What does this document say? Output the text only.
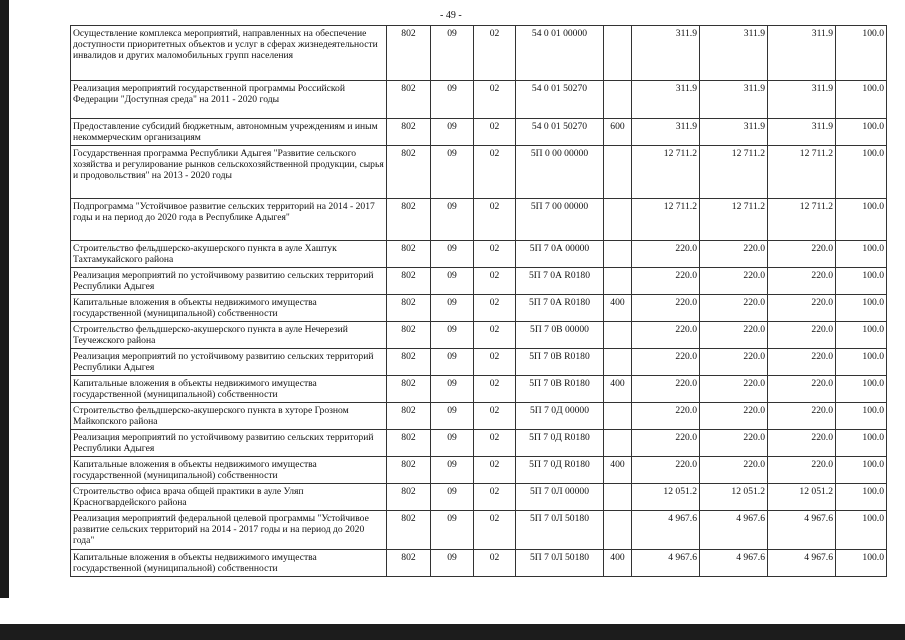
- 49 -
Осуществление комплекса мероприятий, направленных на обеспечение доступности приоритетных объектов и услуг в сферах жизнедеятельности инвалидов и других маломобильных групп населения	802	09	02	54 0 01 00000		311.9	311.9	311.9	100.0
Реализация мероприятий государственной программы Российской Федерации "Доступная среда" на 2011 - 2020 годы	802	09	02	54 0 01 50270		311.9	311.9	311.9	100.0
Предоставление субсидий бюджетным, автономным учреждениям и иным некоммерческим организациям	802	09	02	54 0 01 50270	600	311.9	311.9	311.9	100.0
Государственная программа Республики Адыгея "Развитие сельского хозяйства и регулирование рынков сельскохозяйственной продукции, сырья и продовольствия" на 2013 - 2020 годы	802	09	02	5П 0 00 00000		12 711.2	12 711.2	12 711.2	100.0
Подпрограмма "Устойчивое развитие сельских территорий на 2014 - 2017 годы и на период до 2020 года в Республике Адыгея"	802	09	02	5П 7 00 00000		12 711.2	12 711.2	12 711.2	100.0
Строительство фельдшерско-акушерского пункта в ауле Хаштук Тахтамукайского района	802	09	02	5П 7 0А 00000		220.0	220.0	220.0	100.0
Реализация мероприятий по устойчивому развитию сельских территорий Республики Адыгея	802	09	02	5П 7 0А R0180		220.0	220.0	220.0	100.0
Капитальные вложения в объекты недвижимого имущества государственной (муниципальной) собственности	802	09	02	5П 7 0А R0180	400	220.0	220.0	220.0	100.0
Строительство фельдшерско-акушерского пункта в ауле Нечерезий Теучежского района	802	09	02	5П 7 0В 00000		220.0	220.0	220.0	100.0
Реализация мероприятий по устойчивому развитию сельских территорий Республики Адыгея	802	09	02	5П 7 0В R0180		220.0	220.0	220.0	100.0
Капитальные вложения в объекты недвижимого имущества государственной (муниципальной) собственности	802	09	02	5П 7 0В R0180	400	220.0	220.0	220.0	100.0
Строительство фельдшерско-акушерского пункта в хуторе Грозном Майкопского района	802	09	02	5П 7 0Д 00000		220.0	220.0	220.0	100.0
Реализация мероприятий по устойчивому развитию сельских территорий Республики Адыгея	802	09	02	5П 7 0Д R0180		220.0	220.0	220.0	100.0
Капитальные вложения в объекты недвижимого имущества государственной (муниципальной) собственности	802	09	02	5П 7 0Д R0180	400	220.0	220.0	220.0	100.0
Строительство офиса врача общей практики в ауле Уляп Красногвардейского района	802	09	02	5П 7 0Л 00000		12 051.2	12 051.2	12 051.2	100.0
Реализация мероприятий федеральной целевой программы "Устойчивое развитие сельских территорий на 2014 - 2017 годы и на период до 2020 года"	802	09	02	5П 7 0Л 50180		4 967.6	4 967.6	4 967.6	100.0
Капитальные вложения в объекты недвижимого имущества государственной (муниципальной) собственности	802	09	02	5П 7 0Л 50180	400	4 967.6	4 967.6	4 967.6	100.0
